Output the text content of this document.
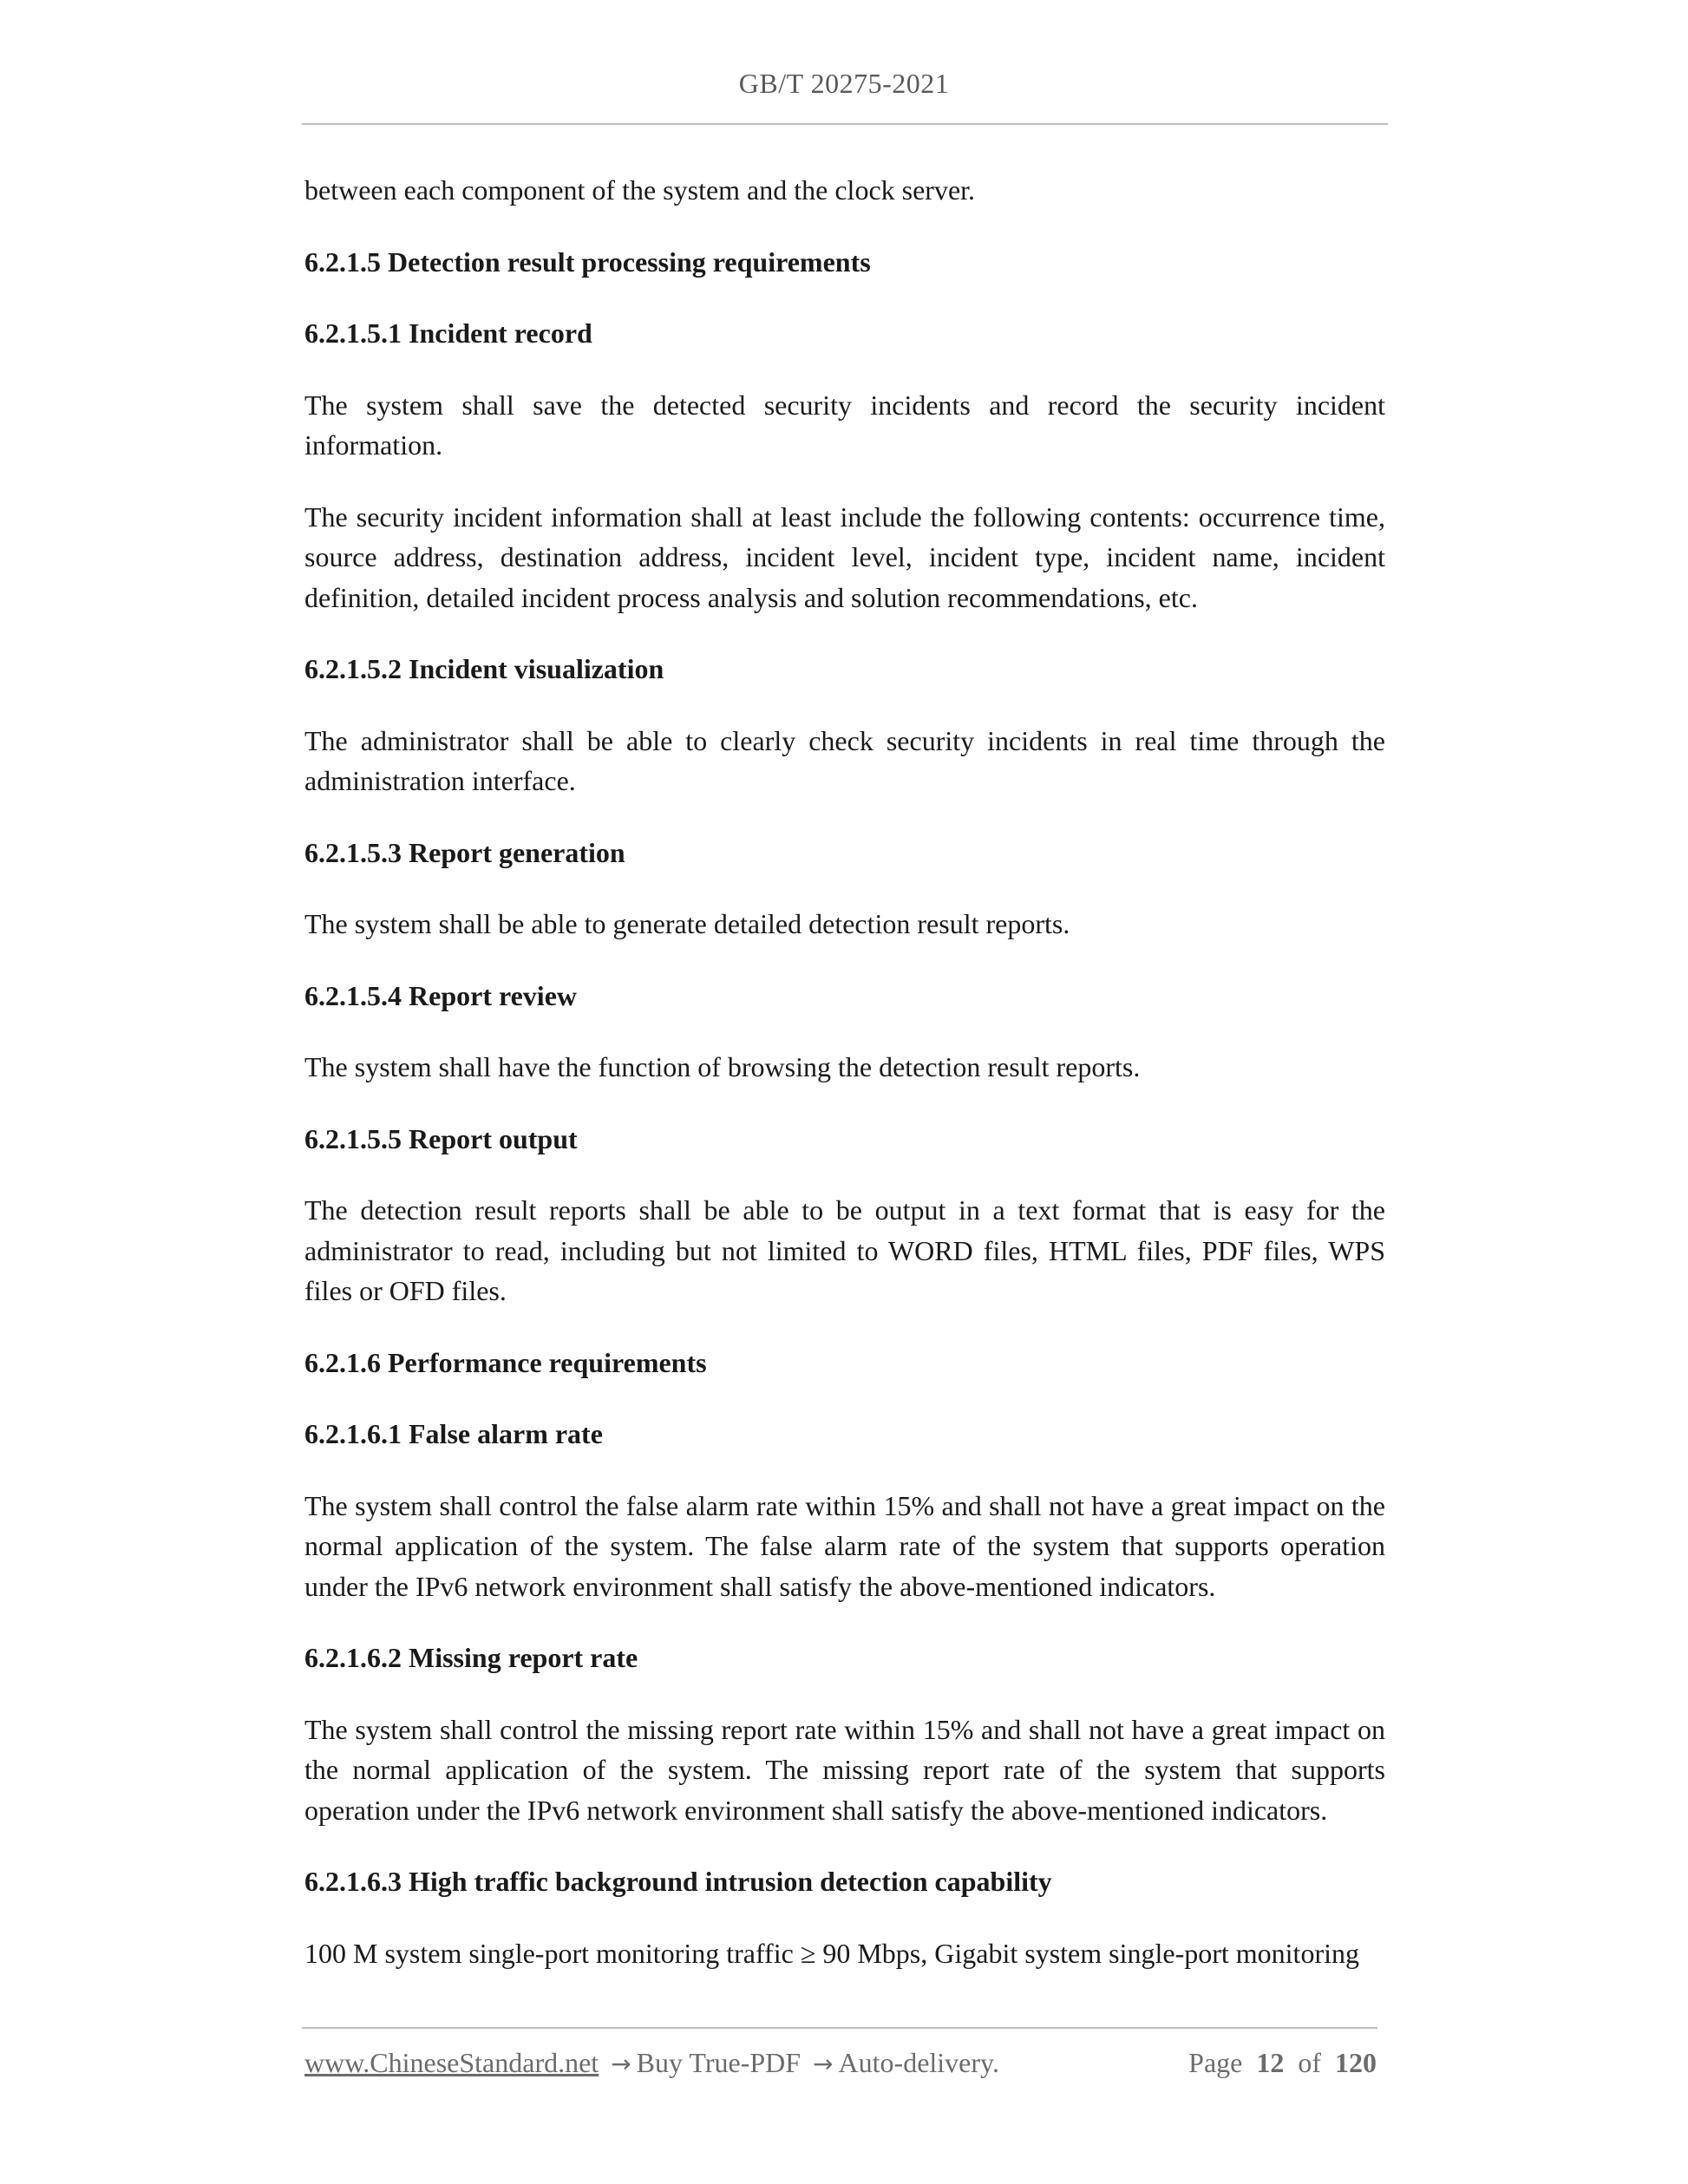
GB/T 20275-2021

between each component of the system and the clock server.

6.2.1.5 Detection result processing requirements
6.2.1.5.1 Incident record

The system shall save the detected security incidents and record the security incident information.

The security incident information shall at least include the following contents: occurrence time, source address, destination address, incident level, incident type, incident name, incident definition, detailed incident process analysis and solution recommendations, etc.

6.2.1.5.2 Incident visualization

The administrator shall be able to clearly check security incidents in real time through the administration interface.

6.2.1.5.3 Report generation

The system shall be able to generate detailed detection result reports.

6.2.1.5.4 Report review

The system shall have the function of browsing the detection result reports.

6.2.1.5.5 Report output

The detection result reports shall be able to be output in a text format that is easy for the administrator to read, including but not limited to WORD files, HTML files, PDF files, WPS files or OFD files.

6.2.1.6 Performance requirements
6.2.1.6.1 False alarm rate

The system shall control the false alarm rate within 15% and shall not have a great impact on the normal application of the system. The false alarm rate of the system that supports operation under the IPv6 network environment shall satisfy the above-mentioned indicators.

6.2.1.6.2 Missing report rate

The system shall control the missing report rate within 15% and shall not have a great impact on the normal application of the system. The missing report rate of the system that supports operation under the IPv6 network environment shall satisfy the above-mentioned indicators.

6.2.1.6.3 High traffic background intrusion detection capability

100 M system single-port monitoring traffic ≥ 90 Mbps, Gigabit system single-port monitoring

www.ChineseStandard.net → Buy True-PDF → Auto-delivery.	Page 12 of 120
